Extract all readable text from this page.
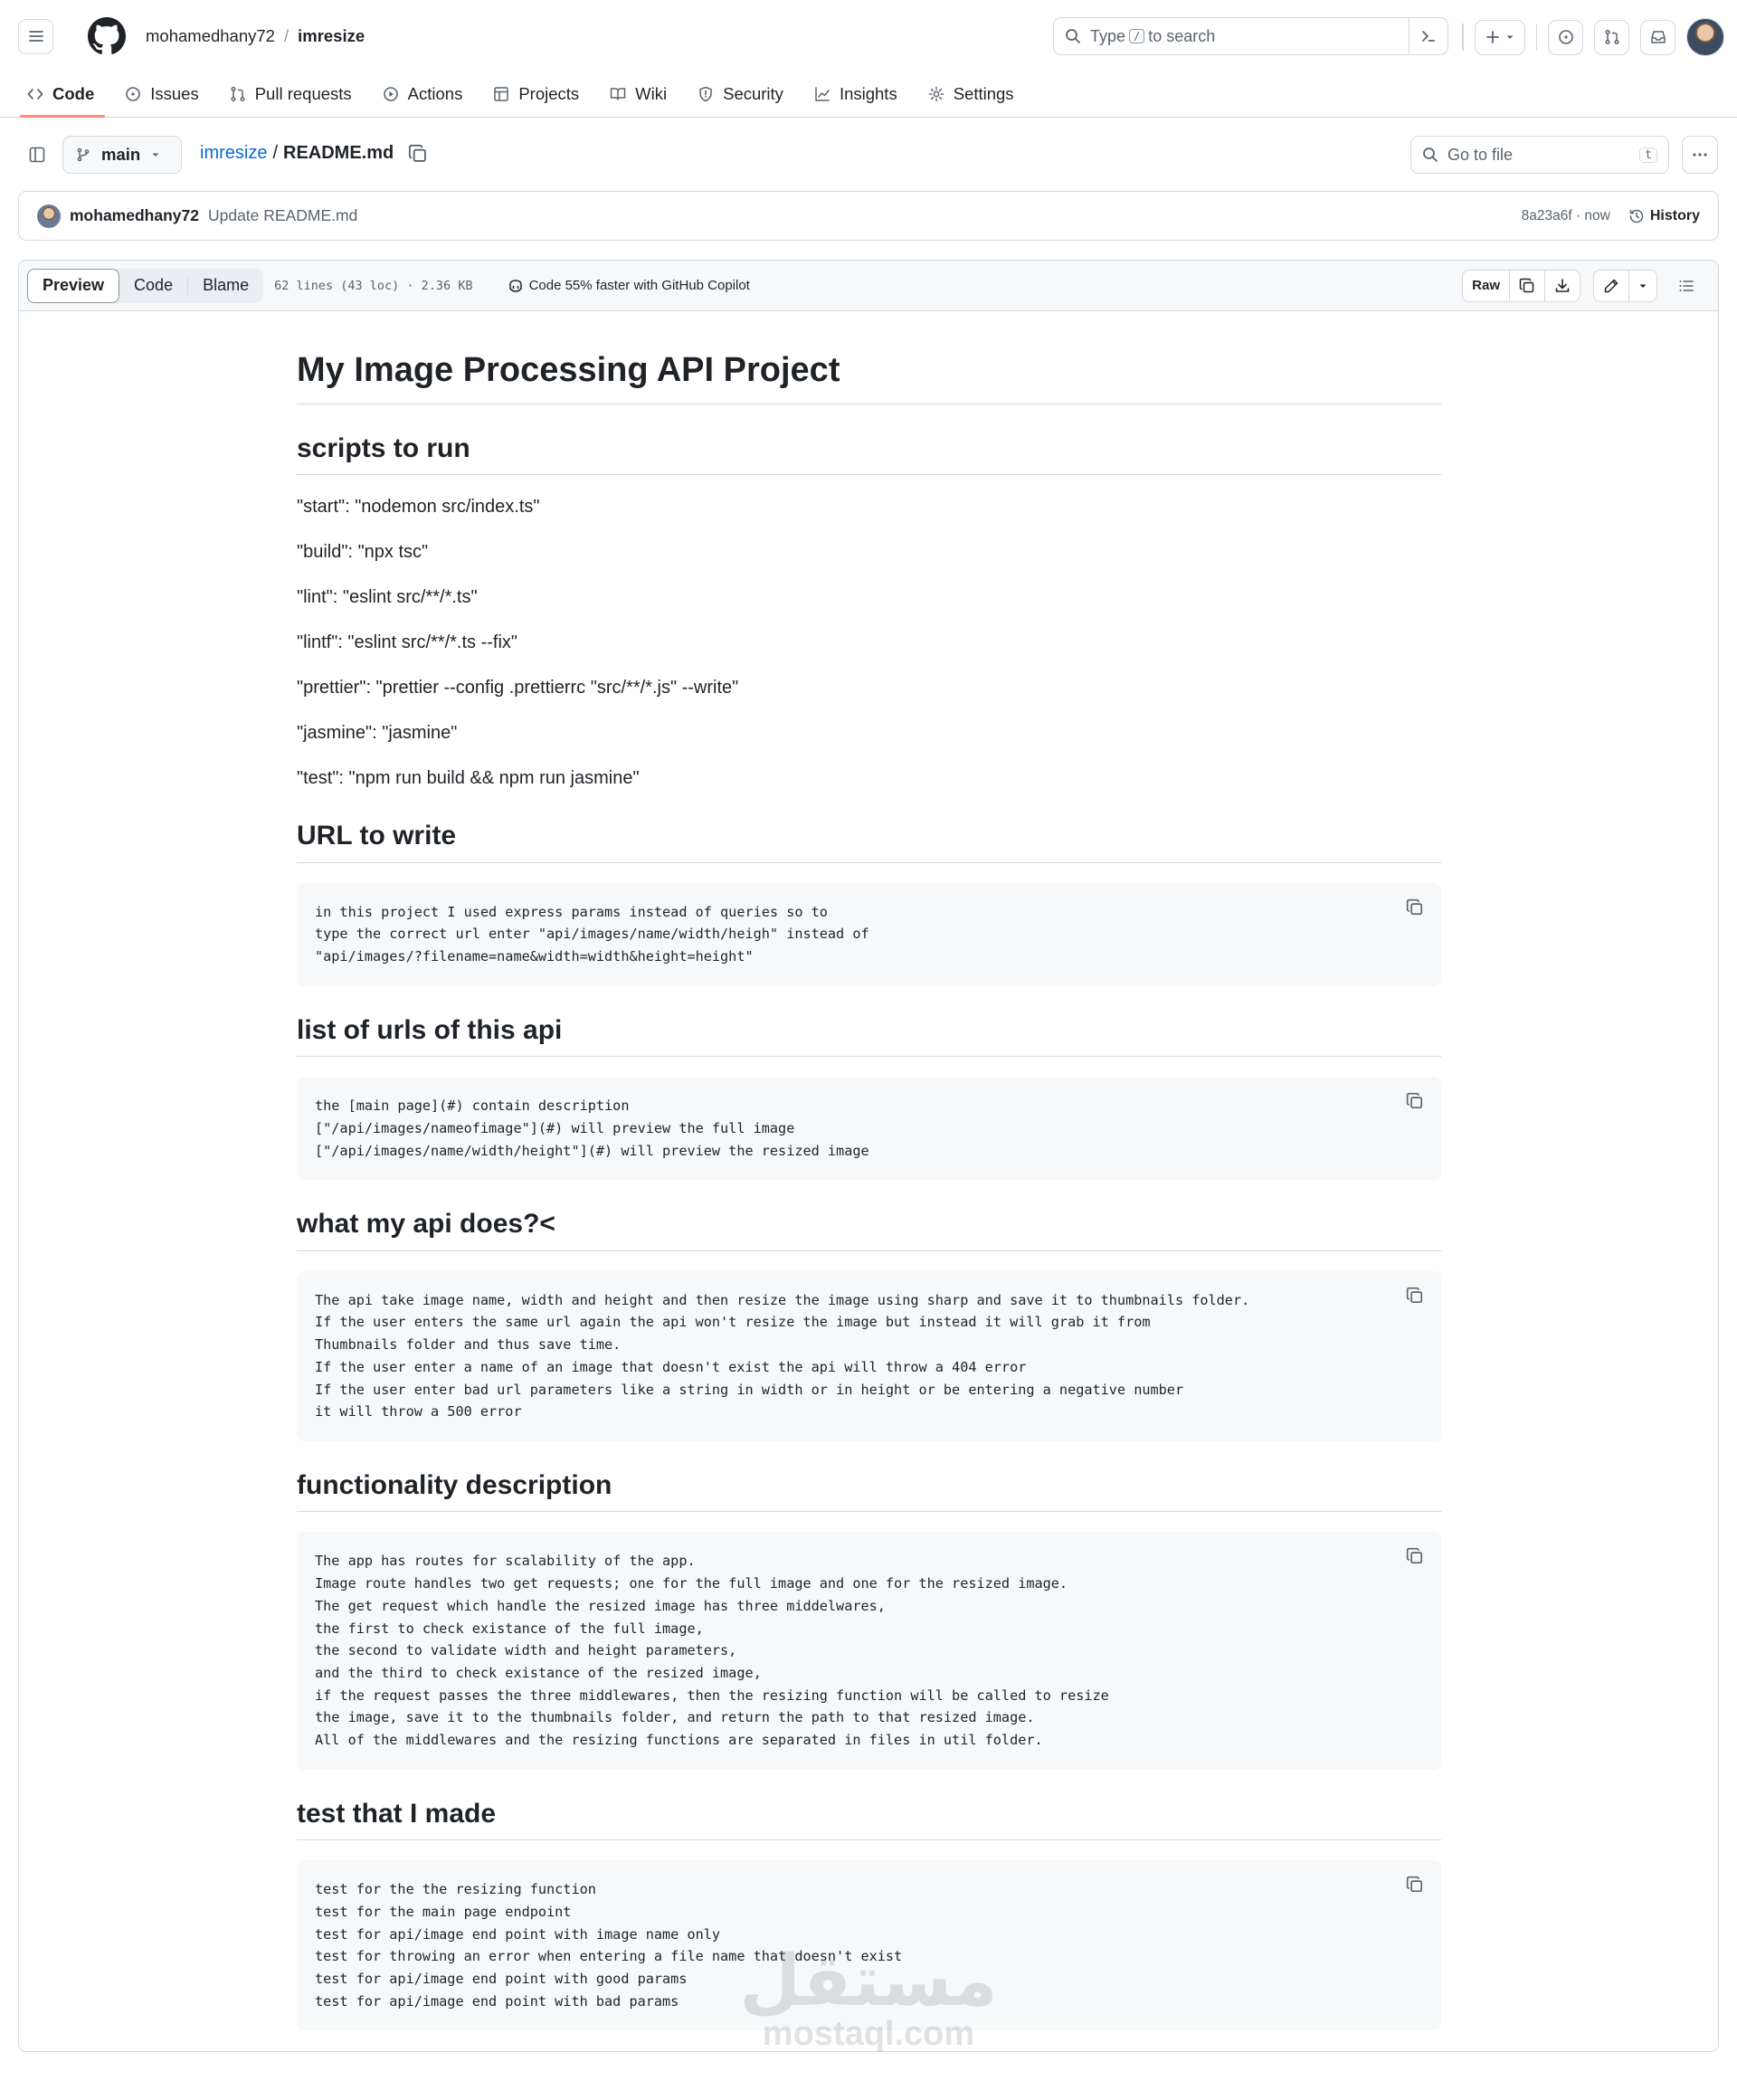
mohamedhany72 / imresize	Type / to search
Code	Issues	Pull requests	Actions	Projects	Wiki	Security	Insights	Settings
main	imresize / README.md	Go to file	t
mohamedhany72 Update README.md	8a23a6f · now	History
Preview	Code	Blame	62 lines (43 loc) · 2.36 KB	Code 55% faster with GitHub Copilot	Raw
My Image Processing API Project
scripts to run

"start": "nodemon src/index.ts"

"build": "npx tsc"

"lint": "eslint src/**/*.ts"

"lintf": "eslint src/**/*.ts --fix"

"prettier": "prettier --config .prettierrc "src/**/*.js" --write"

"jasmine": "jasmine"

"test": "npm run build && npm run jasmine"

URL to write
in this project I used express params instead of queries so to
type the correct url enter "api/images/name/width/heigh" instead of
"api/images/?filename=name&width=width&height=height"
list of urls of this api
the [main page](#) contain description
["/api/images/nameofimage"](#) will preview the full image
["/api/images/name/width/height"](#) will preview the resized image
what my api does?<
The api take image name, width and height and then resize the image using sharp and save it to thumbnails folder.
If the user enters the same url again the api won't resize the image but instead it will grab it from
Thumbnails folder and thus save time.
If the user enter a name of an image that doesn't exist the api will throw a 404 error
If the user enter bad url parameters like a string in width or in height or be entering a negative number
it will throw a 500 error
functionality description
The app has routes for scalability of the app.
Image route handles two get requests; one for the full image and one for the resized image.
The get request which handle the resized image has three middelwares,
the first to check existance of the full image,
the second to validate width and height parameters,
and the third to check existance of the resized image,
if the request passes the three middlewares, then the resizing function will be called to resize
the image, save it to the thumbnails folder, and return the path to that resized image.
All of the middlewares and the resizing functions are separated in files in util folder.
test that I made
test for the the resizing function
test for the main page endpoint
test for api/image end point with image name only
test for throwing an error when entering a file name that doesn't exist
test for api/image end point with good params
test for api/image end point with bad params مستقل
mostaql.com
